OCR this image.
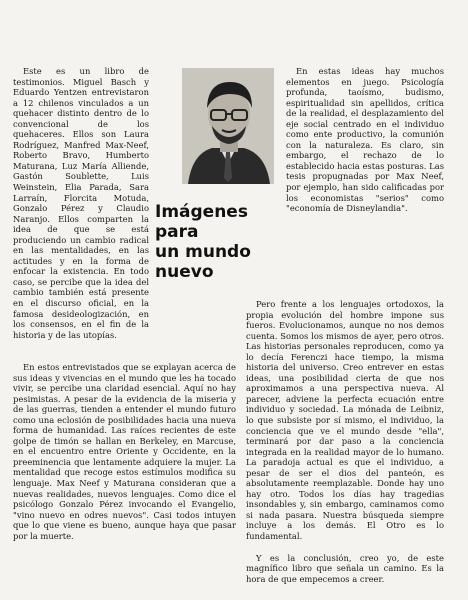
Este es un libro de testimonios. Miguel Basch y Eduardo Yentzen entrevistaron a 12 chilenos vinculados a un quehacer distinto dentro de lo convencional de los quehaceres. Ellos son Laura Rodríguez, Manfred Max-Neef, Roberto Bravo, Humberto Maturana, Luz María Alliende, Gastón Soublette, Luis Weinstein, Elia Parada, Sara Larraín, Florcita Motuda, Gonzalo Pérez y Claudio Naranjo. Ellos comparten la idea de que se está produciendo un cambio radical en las mentalidades, en las actitudes y en la forma de enfocar la existencia. En todo caso, se percibe que la idea del cambio también está presente en el discurso oficial, en la famosa desideologización, en los consensos, en el fin de la historia y de las utopías.

Imágenes para
un mundo nuevo

En estas ideas hay muchos elementos en juego. Psicología profunda, taoísmo, budismo, espiritualidad sin apellidos, crítica de la realidad, el desplazamiento del eje social centrado en el individuo como ente productivo, la comunión con la naturaleza. Es claro, sin embargo, el rechazo de lo establecido hacia estas posturas. Las tesis propugnadas por Max Neef, por ejemplo, han sido calificadas por los economistas "serios" como "economía de Disneylandia".

En estos entrevistados que se explayan acerca de sus ideas y vivencias en el mundo que les ha tocado vivir, se percibe una claridad esencial. Aquí no hay pesimistas. A pesar de la evidencia de la miseria y de las guerras, tienden a entender el mundo futuro como una eclosión de posibilidades hacia una nueva forma de humanidad. Las raíces recientes de este golpe de timón se hallan en Berkeley, en Marcuse, en el encuentro entre Oriente y Occidente, en la preeminencia que lentamente adquiere la mujer. La mentalidad que recoge estos estímulos modifica su lenguaje. Max Neef y Maturana consideran que a nuevas realidades, nuevos lenguajes. Como dice el psicólogo Gonzalo Pérez invocando el Evangelio, "vino nuevo en odres nuevos". Casi todos intuyen que lo que viene es bueno, aunque haya que pasar por la muerte.

Pero frente a los lenguajes ortodoxos, la propia evolución del hombre impone sus fueros. Evolucionamos, aunque no nos demos cuenta. Somos los mismos de ayer, pero otros. Las historias personales reproducen, como ya lo decía Ferenczi hace tiempo, la misma historia del universo. Creo entrever en estas ideas, una posibilidad cierta de que nos aproximamos a una perspectiva nueva. Al parecer, adviene la perfecta ecuación entre individuo y sociedad. La mónada de Leibniz, lo que subsiste por sí mismo, el individuo, la conciencia que ve el mundo desde "ella", terminará por dar paso a la conciencia integrada en la realidad mayor de lo humano. La paradoja actual es que el individuo, a pesar de ser el dios del panteón, es absolutamente reemplazable. Donde hay uno hay otro. Todos los días hay tragedias insondables y, sin embargo, caminamos como si nada pasara. Nuestra búsqueda siempre incluye a los demás. El Otro es lo fundamental.

Y es la conclusión, creo yo, de este magnífico libro que señala un camino. Es la hora de que empecemos a creer.
